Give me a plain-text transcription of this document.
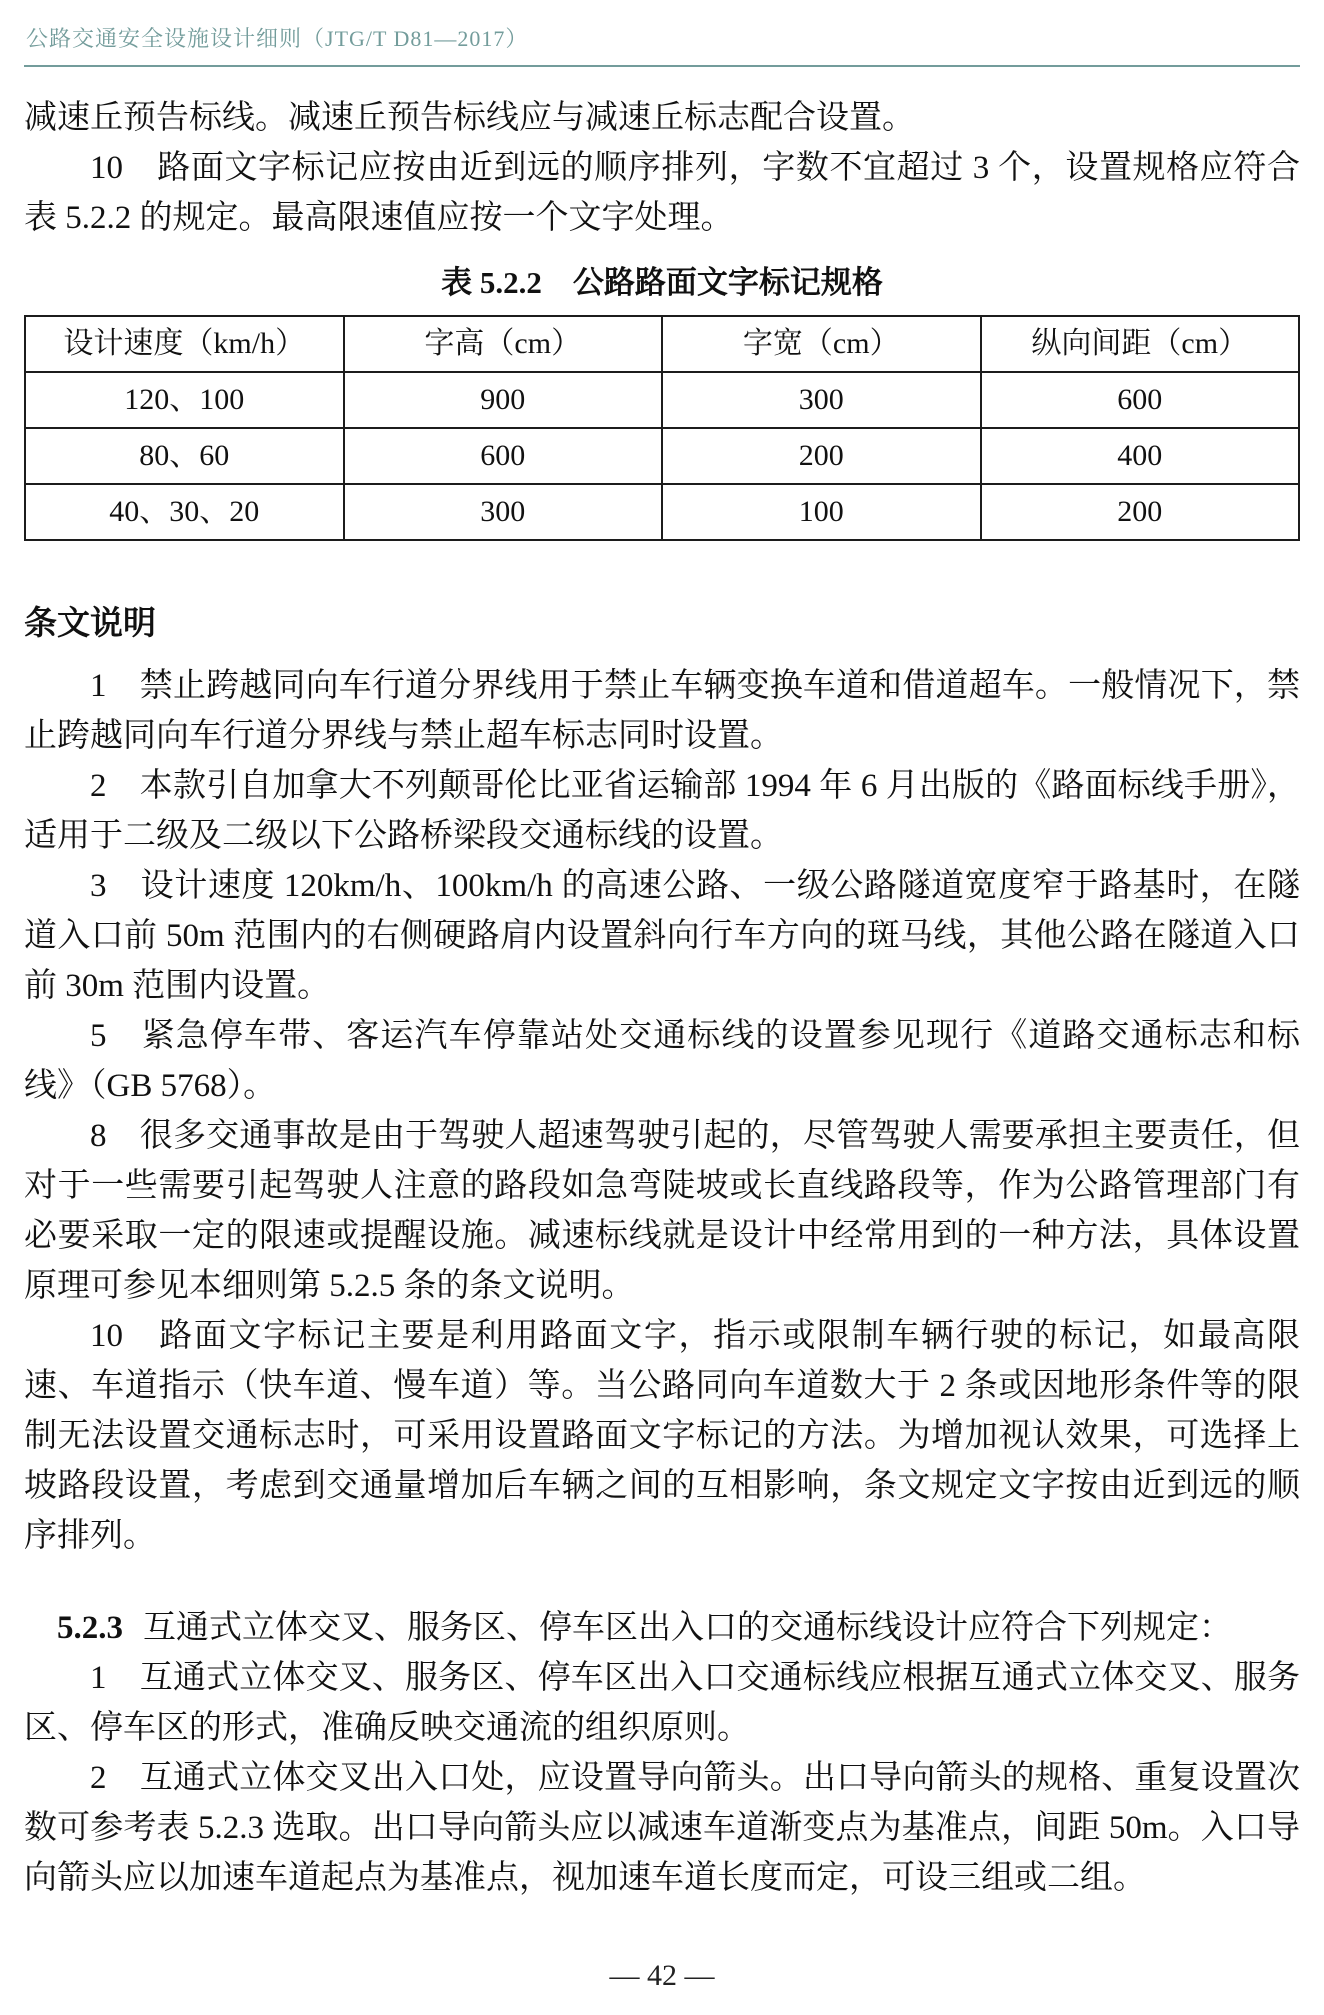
公路交通安全设施设计细则（JTG/T D81—2017）

减速丘预告标线。减速丘预告标线应与减速丘标志配合设置。

10　路面文字标记应按由近到远的顺序排列，字数不宜超过 3 个，设置规格应符合表 5.2.2 的规定。最高限速值应按一个文字处理。

表 5.2.2　公路路面文字标记规格
设计速度（km/h）	字高（cm）	字宽（cm）	纵向间距（cm）
120、100	900	300	600
80、60	600	200	400
40、30、20	300	100	200
条文说明

1　禁止跨越同向车行道分界线用于禁止车辆变换车道和借道超车。一般情况下，禁止跨越同向车行道分界线与禁止超车标志同时设置。

2　本款引自加拿大不列颠哥伦比亚省运输部 1994 年 6 月出版的《路面标线手册》，适用于二级及二级以下公路桥梁段交通标线的设置。

3　设计速度 120km/h、100km/h 的高速公路、一级公路隧道宽度窄于路基时，在隧道入口前 50m 范围内的右侧硬路肩内设置斜向行车方向的斑马线，其他公路在隧道入口前 30m 范围内设置。

5　紧急停车带、客运汽车停靠站处交通标线的设置参见现行《道路交通标志和标线》（GB 5768）。

8　很多交通事故是由于驾驶人超速驾驶引起的，尽管驾驶人需要承担主要责任，但对于一些需要引起驾驶人注意的路段如急弯陡坡或长直线路段等，作为公路管理部门有必要采取一定的限速或提醒设施。减速标线就是设计中经常用到的一种方法，具体设置原理可参见本细则第 5.2.5 条的条文说明。

10　路面文字标记主要是利用路面文字，指示或限制车辆行驶的标记，如最高限速、车道指示（快车道、慢车道）等。当公路同向车道数大于 2 条或因地形条件等的限制无法设置交通标志时，可采用设置路面文字标记的方法。为增加视认效果，可选择上坡路段设置，考虑到交通量增加后车辆之间的互相影响，条文规定文字按由近到远的顺序排列。

5.2.3 互通式立体交叉、服务区、停车区出入口的交通标线设计应符合下列规定：

1　互通式立体交叉、服务区、停车区出入口交通标线应根据互通式立体交叉、服务区、停车区的形式，准确反映交通流的组织原则。

2　互通式立体交叉出入口处，应设置导向箭头。出口导向箭头的规格、重复设置次数可参考表 5.2.3 选取。出口导向箭头应以减速车道渐变点为基准点，间距 50m。入口导向箭头应以加速车道起点为基准点，视加速车道长度而定，可设三组或二组。

— 42 —
